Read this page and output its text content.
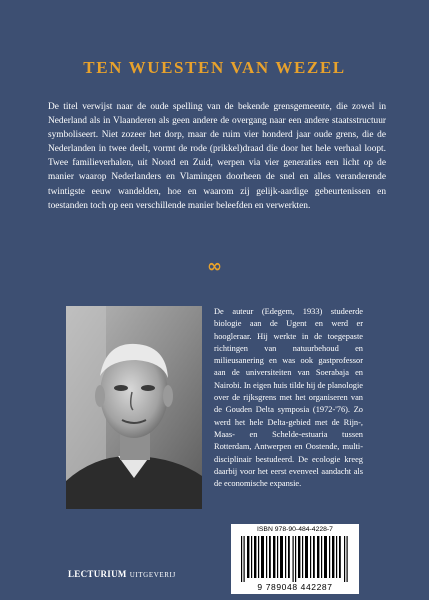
TEN WUESTEN VAN WEZEL

De titel verwijst naar de oude spelling van de bekende grensgemeente, die zowel in Nederland als in Vlaanderen als geen andere de overgang naar een andere staatsstructuur symboliseert. Niet zozeer het dorp, maar de ruim vier honderd jaar oude grens, die de Nederlanden in twee deelt, vormt de rode (prikkel)draad die door het hele verhaal loopt. Twee familieverhalen, uit Noord en Zuid, werpen via vier generaties een licht op de manier waarop Nederlanders en Vlamingen doorheen de snel en alles veranderende twintigste eeuw wandelden, hoe en waarom zij gelijk-aardige gebeurtenissen en toestanden toch op een verschillende manier beleefden en verwerkten.

∞

De auteur (Edegem, 1933) studeerde biologie aan de Ugent en werd er hoogleraar. Hij werkte in de toegepaste richtingen van natuurbehoud en milieusanering en was ook gastprofessor aan de universiteiten van Soerabaja en Nairobi. In eigen huis tilde hij de planologie over de rijksgrens met het organiseren van de Gouden Delta symposia (1972-'76). Zo werd het hele Delta-gebied met de Rijn-, Maas- en Schelde-estuaria tussen Rotterdam, Antwerpen en Oostende, multi-disciplinair bestudeerd. De ecologie kreeg daarbij voor het eerst evenveel aandacht als de economische expansie.

LECTURIUM UITGEVERIJ
ISBN 978-90-484-4228-7
9 789048 442287
